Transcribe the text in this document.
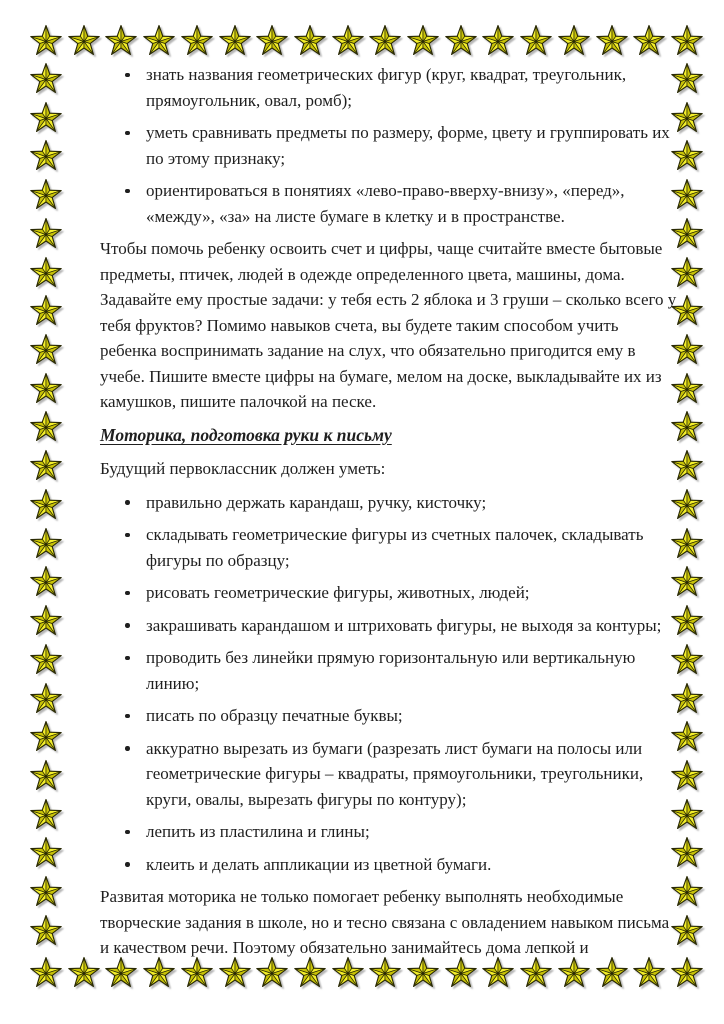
знать названия геометрических фигур (круг, квадрат, треугольник, прямоугольник, овал, ромб);
уметь сравнивать предметы по размеру, форме, цвету и группировать их по этому признаку;
ориентироваться в понятиях «лево-право-вверху-внизу», «перед», «между», «за» на листе бумаге в клетку и в пространстве.

Чтобы помочь ребенку освоить счет и цифры, чаще считайте вместе бытовые предметы, птичек, людей в одежде определенного цвета, машины, дома. Задавайте ему простые задачи: у тебя есть 2 яблока и 3 груши – сколько всего у тебя фруктов? Помимо навыков счета, вы будете таким способом учить ребенка воспринимать задание на слух, что обязательно пригодится ему в учебе. Пишите вместе цифры на бумаге, мелом на доске, выкладывайте их из камушков, пишите палочкой на песке.

Моторика, подготовка руки к письму

Будущий первоклассник должен уметь:

правильно держать карандаш, ручку, кисточку;
складывать геометрические фигуры из счетных палочек, складывать фигуры по образцу;
рисовать геометрические фигуры, животных, людей;
закрашивать карандашом и штриховать фигуры, не выходя за контуры;
проводить без линейки прямую горизонтальную или вертикальную линию;
писать по образцу печатные буквы;
аккуратно вырезать из бумаги (разрезать лист бумаги на полосы или геометрические фигуры – квадраты, прямоугольники, треугольники, круги, овалы, вырезать фигуры по контуру);
лепить из пластилина и глины;
клеить и делать аппликации из цветной бумаги.

Развитая моторика не только помогает ребенку выполнять необходимые творческие задания в школе, но и тесно связана с овладением навыком письма и качеством речи. Поэтому обязательно занимайтесь дома лепкой и
